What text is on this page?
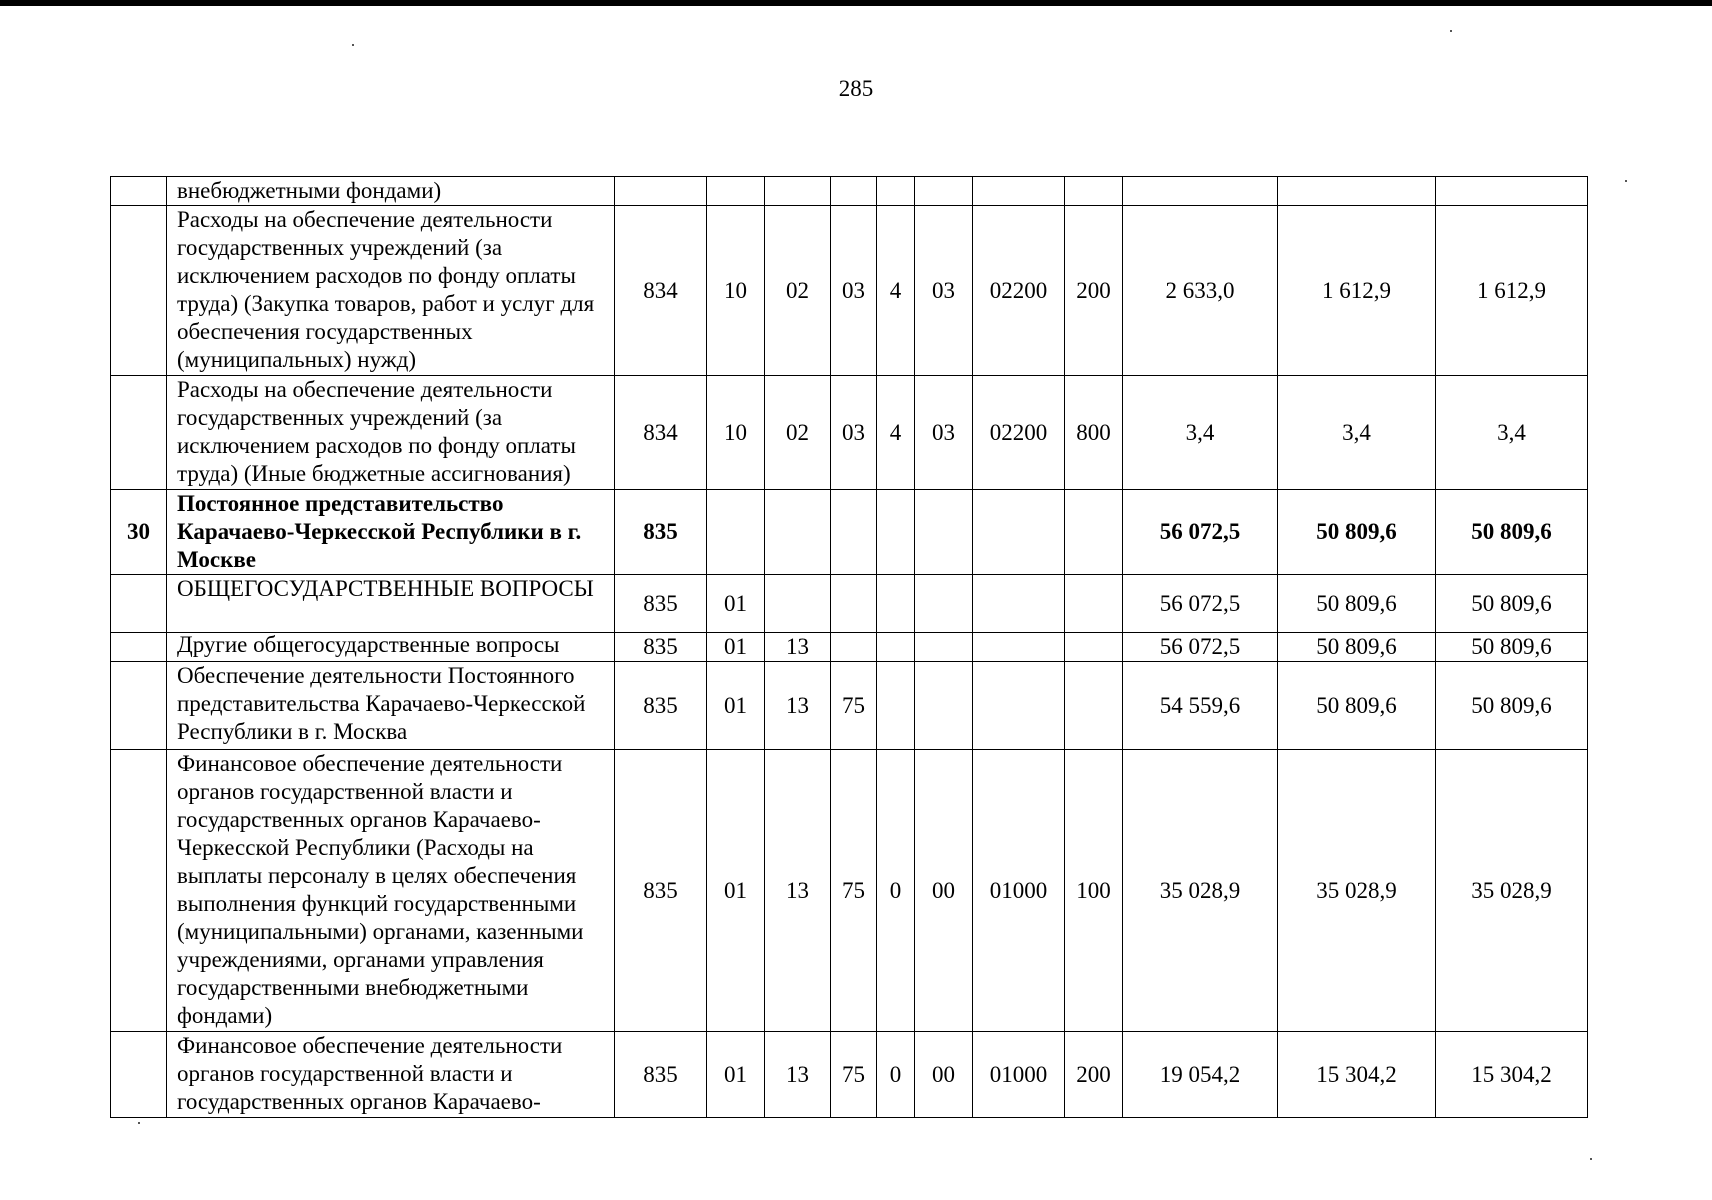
285
	внебюджетными фондами)											
	Расходы на обеспечение деятельности государственных учреждений (за исключением расходов по фонду оплаты труда) (Закупка товаров, работ и услуг для обеспечения государственных (муниципальных) нужд)	834	10	02	03	4	03	02200	200	2 633,0	1 612,9	1 612,9
	Расходы на обеспечение деятельности государственных учреждений (за исключением расходов по фонду оплаты труда) (Иные бюджетные ассигнования)	834	10	02	03	4	03	02200	800	3,4	3,4	3,4
30	Постоянное представительство Карачаево-Черкесской Республики в г. Москве	835								56 072,5	50 809,6	50 809,6
	ОБЩЕГОСУДАРСТВЕННЫЕ ВОПРОСЫ	835	01							56 072,5	50 809,6	50 809,6
	Другие общегосударственные вопросы	835	01	13						56 072,5	50 809,6	50 809,6
	Обеспечение деятельности Постоянного представительства Карачаево-Черкесской Республики в г. Москва	835	01	13	75					54 559,6	50 809,6	50 809,6
	Финансовое обеспечение деятельности органов государственной власти и государственных органов Карачаево-Черкесской Республики (Расходы на выплаты персоналу в целях обеспечения выполнения функций государственными (муниципальными) органами, казенными учреждениями, органами управления государственными внебюджетными фондами)	835	01	13	75	0	00	01000	100	35 028,9	35 028,9	35 028,9
	Финансовое обеспечение деятельности органов государственной власти и государственных органов Карачаево-	835	01	13	75	0	00	01000	200	19 054,2	15 304,2	15 304,2
